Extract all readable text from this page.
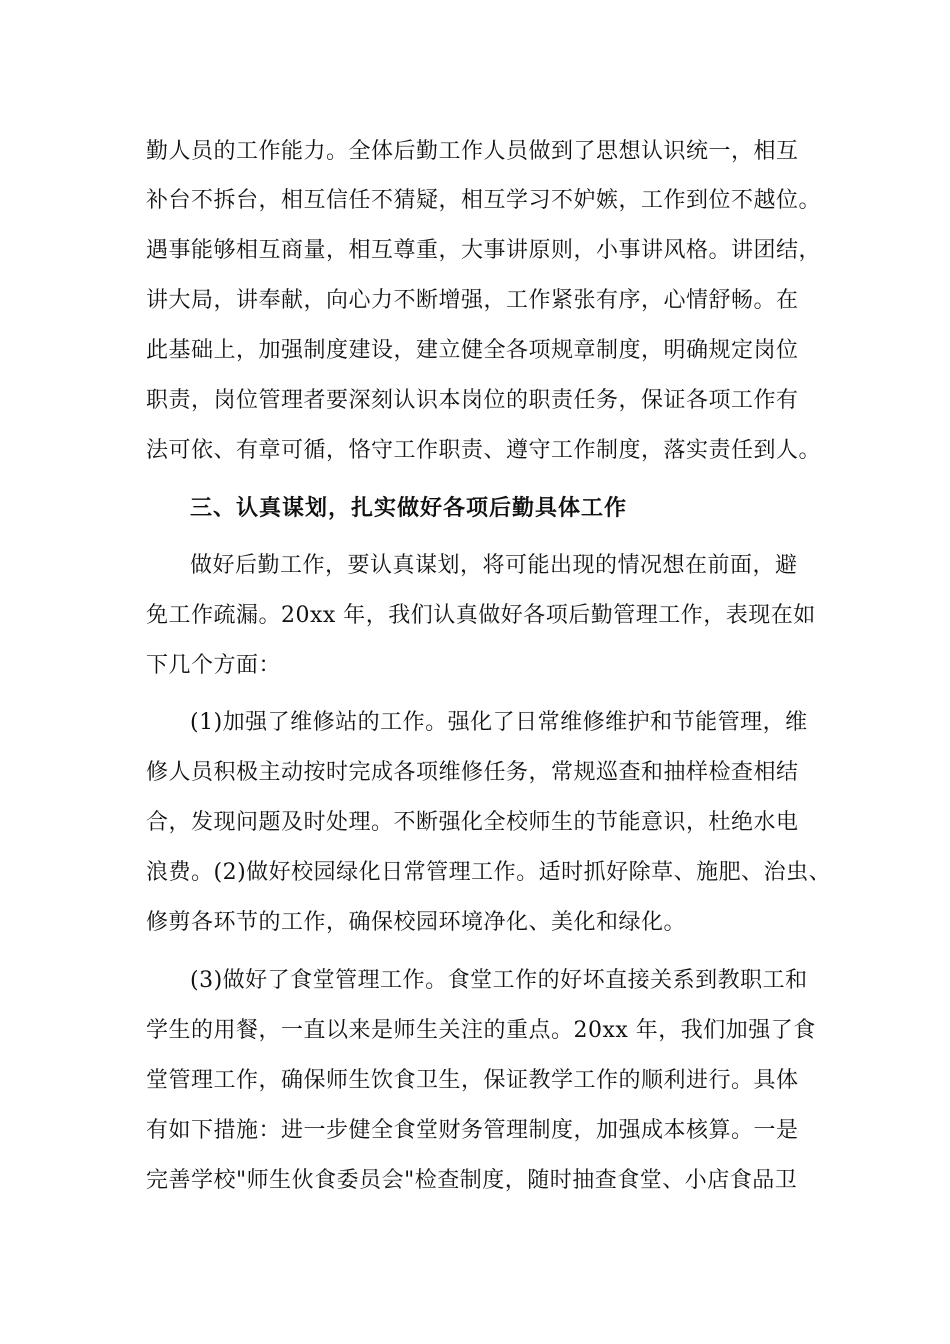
勤人员的工作能力。全体后勤工作人员做到了思想认识统一，相互
补台不拆台，相互信任不猜疑，相互学习不妒嫉，工作到位不越位。
遇事能够相互商量，相互尊重，大事讲原则，小事讲风格。讲团结，
讲大局，讲奉献，向心力不断增强，工作紧张有序，心情舒畅。在
此基础上，加强制度建设，建立健全各项规章制度，明确规定岗位
职责，岗位管理者要深刻认识本岗位的职责任务，保证各项工作有
法可依、有章可循，恪守工作职责、遵守工作制度，落实责任到人。
三、认真谋划，扎实做好各项后勤具体工作
做好后勤工作，要认真谋划，将可能出现的情况想在前面，避
免工作疏漏。20xx 年，我们认真做好各项后勤管理工作，表现在如
下几个方面：
(1)加强了维修站的工作。强化了日常维修维护和节能管理，维
修人员积极主动按时完成各项维修任务，常规巡查和抽样检查相结
合，发现问题及时处理。不断强化全校师生的节能意识，杜绝水电
浪费。(2)做好校园绿化日常管理工作。适时抓好除草、施肥、治虫、
修剪各环节的工作，确保校园环境净化、美化和绿化。
(3)做好了食堂管理工作。食堂工作的好坏直接关系到教职工和
学生的用餐，一直以来是师生关注的重点。20xx 年，我们加强了食
堂管理工作，确保师生饮食卫生，保证教学工作的顺利进行。具体
有如下措施：进一步健全食堂财务管理制度，加强成本核算。一是
完善学校"师生伙食委员会"检查制度，随时抽查食堂、小店食品卫
